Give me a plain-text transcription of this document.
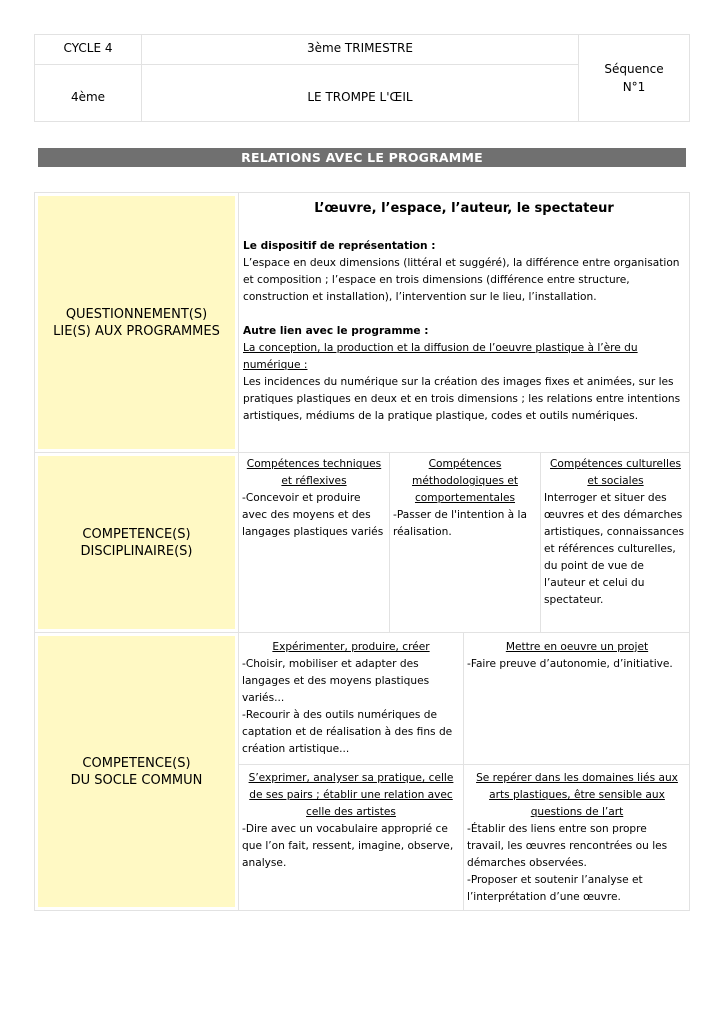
CYCLE 4	3ème TRIMESTRE
4ème	LE TROMPE L'ŒIL
Séquence
N°1
RELATIONS AVEC LE PROGRAMME
QUESTIONNEMENT(S)
LIE(S) AUX PROGRAMMES
COMPETENCE(S)
DISCIPLINAIRE(S)
COMPETENCE(S)
DU SOCLE COMMUN
L’œuvre, l’espace, l’auteur, le spectateur

Le dispositif de représentation :

L’espace en deux dimensions (littéral et suggéré), la différence entre organisation et composition ; l’espace en trois dimensions (différence entre structure, construction et installation), l’intervention sur le lieu, l’installation.

Autre lien avec le programme :

La conception, la production et la diffusion de l’oeuvre plastique à l’ère du numérique :

Les incidences du numérique sur la création des images fixes et animées, sur les pratiques plastiques en deux et en trois dimensions ; les relations entre intentions artistiques, médiums de la pratique plastique, codes et outils numériques.

Compétences techniques et réflexives

-Concevoir et produire avec des moyens et des langages plastiques variés

Compétences méthodologiques et comportementales

-Passer de l'intention à la réalisation.

Compétences culturelles et sociales

Interroger et situer des œuvres et des démarches artistiques, connaissances et références culturelles, du point de vue de l’auteur et celui du spectateur.

Expérimenter, produire, créer

-Choisir, mobiliser et adapter des langages et des moyens plastiques variés...

-Recourir à des outils numériques de captation et de réalisation à des fins de création artistique...

Mettre en oeuvre un projet

-Faire preuve d’autonomie, d’initiative.

S’exprimer, analyser sa pratique, celle de ses pairs ; établir une relation avec celle des artistes

-Dire avec un vocabulaire approprié ce que l’on fait, ressent, imagine, observe, analyse.

Se repérer dans les domaines liés aux arts plastiques, être sensible aux questions de l’art

-Établir des liens entre son propre travail, les œuvres rencontrées ou les démarches observées.

-Proposer et soutenir l’analyse et l’interprétation d’une œuvre.
